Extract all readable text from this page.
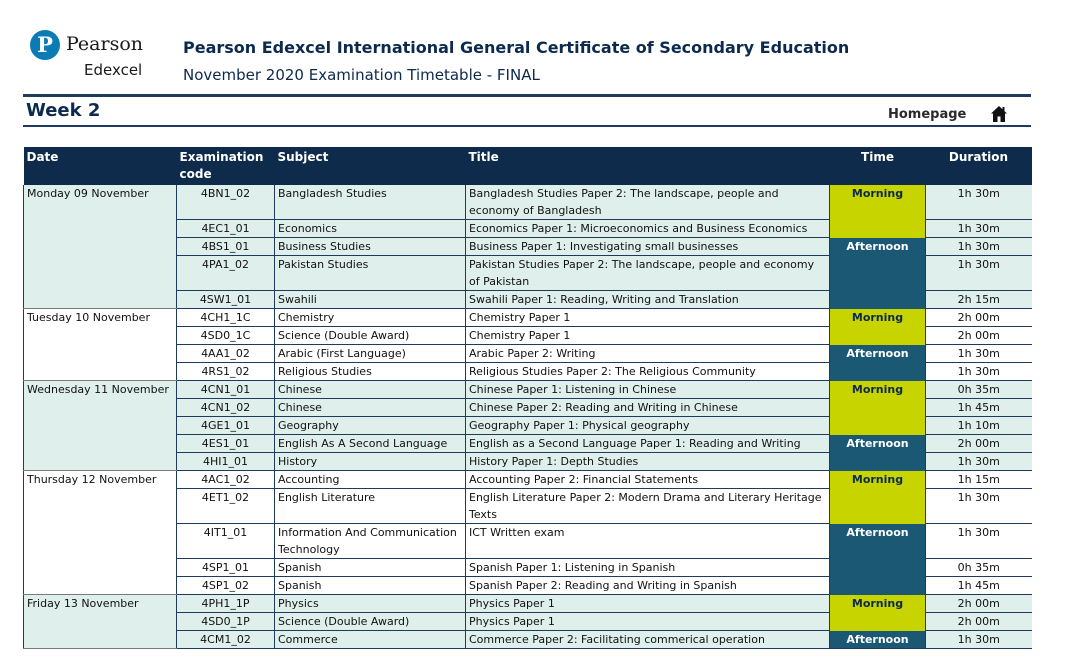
P Pearson
Edexcel
Pearson Edexcel International General Certificate of Secondary Education
November 2020 Examination Timetable - FINAL
Week 2	Homepage
Date	Examination code	Subject	Title	Time	Duration
Monday 09 November	4BN1_02	Bangladesh Studies	Bangladesh Studies Paper 2: The landscape, people and economy of Bangladesh	Morning	1h 30m
	4EC1_01	Economics	Economics Paper 1: Microeconomics and Business Economics		1h 30m
	4BS1_01	Business Studies	Business Paper 1: Investigating small businesses	Afternoon	1h 30m
	4PA1_02	Pakistan Studies	Pakistan Studies Paper 2: The landscape, people and economy of Pakistan		1h 30m
	4SW1_01	Swahili	Swahili Paper 1: Reading, Writing and Translation		2h 15m
Tuesday 10 November	4CH1_1C	Chemistry	Chemistry Paper 1	Morning	2h 00m
	4SD0_1C	Science (Double Award)	Chemistry Paper 1		2h 00m
	4AA1_02	Arabic (First Language)	Arabic Paper 2: Writing	Afternoon	1h 30m
	4RS1_02	Religious Studies	Religious Studies Paper 2: The Religious Community		1h 30m
Wednesday 11 November	4CN1_01	Chinese	Chinese Paper 1: Listening in Chinese	Morning	0h 35m
	4CN1_02	Chinese	Chinese Paper 2: Reading and Writing in Chinese		1h 45m
	4GE1_01	Geography	Geography Paper 1: Physical geography		1h 10m
	4ES1_01	English As A Second Language	English as a Second Language Paper 1: Reading and Writing	Afternoon	2h 00m
	4HI1_01	History	History Paper 1: Depth Studies		1h 30m
Thursday 12 November	4AC1_02	Accounting	Accounting Paper 2: Financial Statements	Morning	1h 15m
	4ET1_02	English Literature	English Literature Paper 2: Modern Drama and Literary Heritage Texts		1h 30m
	4IT1_01	Information And Communication Technology	ICT Written exam	Afternoon	1h 30m
	4SP1_01	Spanish	Spanish Paper 1: Listening in Spanish		0h 35m
	4SP1_02	Spanish	Spanish Paper 2: Reading and Writing in Spanish		1h 45m
Friday 13 November	4PH1_1P	Physics	Physics Paper 1	Morning	2h 00m
	4SD0_1P	Science (Double Award)	Physics Paper 1		2h 00m
	4CM1_02	Commerce	Commerce Paper 2: Facilitating commerical operation	Afternoon	1h 30m
